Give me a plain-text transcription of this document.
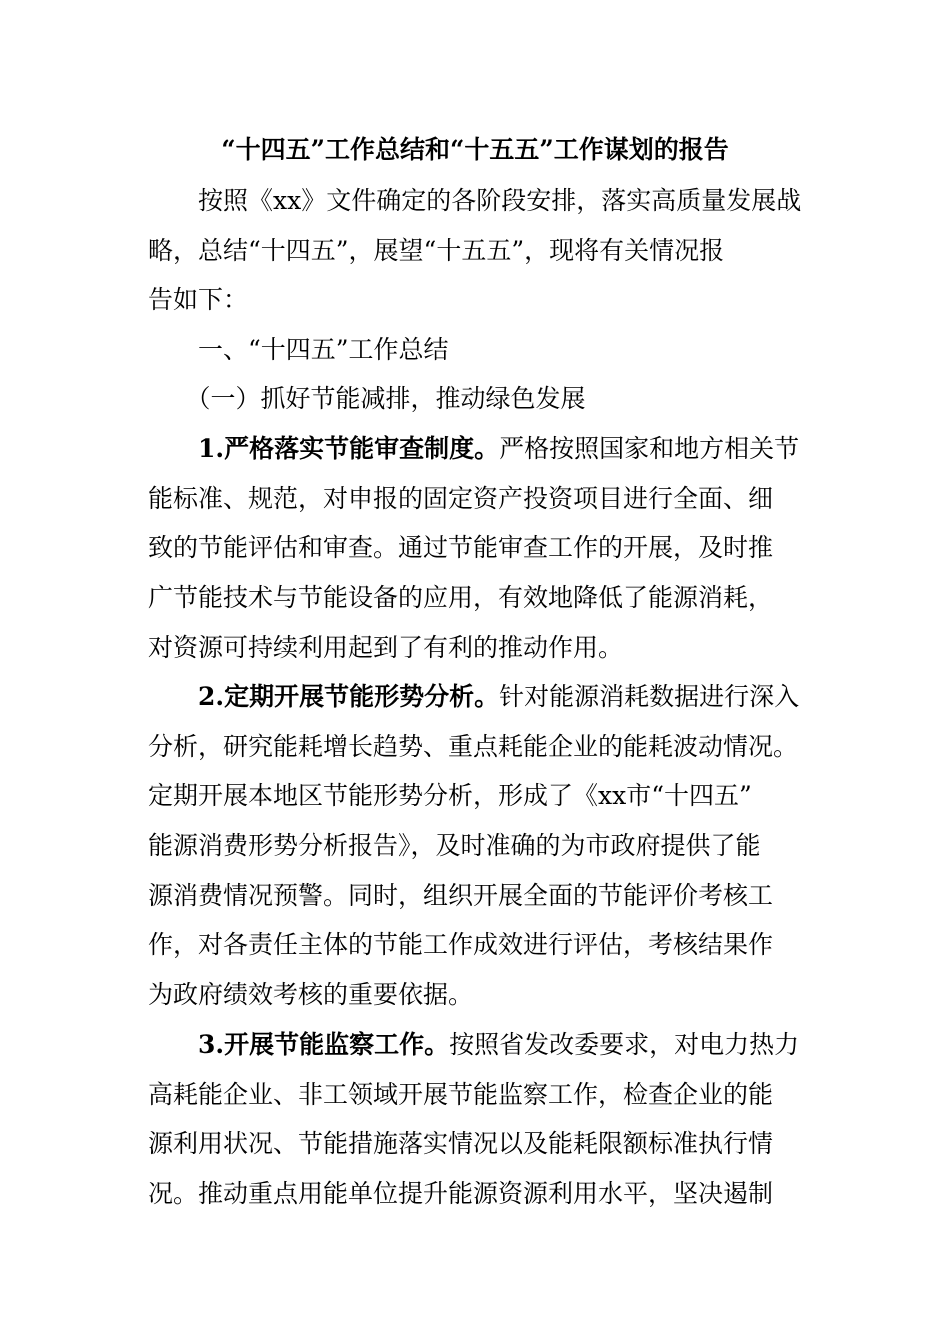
“十四五”工作总结和“十五五”工作谋划的报告
　　按照《xx》文件确定的各阶段安排，落实高质量发展战
略，总结“十四五”，展望“十五五”，现将有关情况报
告如下：
　　一、“十四五”工作总结
　　（一）抓好节能减排，推动绿色发展
　　1.严格落实节能审查制度。严格按照国家和地方相关节
能标准、规范，对申报的固定资产投资项目进行全面、细
致的节能评估和审查。通过节能审查工作的开展，及时推
广节能技术与节能设备的应用，有效地降低了能源消耗，
对资源可持续利用起到了有利的推动作用。
　　2.定期开展节能形势分析。针对能源消耗数据进行深入
分析，研究能耗增长趋势、重点耗能企业的能耗波动情况。
定期开展本地区节能形势分析，形成了《xx市“十四五”
能源消费形势分析报告》，及时准确的为市政府提供了能
源消费情况预警。同时，组织开展全面的节能评价考核工
作，对各责任主体的节能工作成效进行评估，考核结果作
为政府绩效考核的重要依据。
　　3.开展节能监察工作。按照省发改委要求，对电力热力
高耗能企业、非工领域开展节能监察工作，检查企业的能
源利用状况、节能措施落实情况以及能耗限额标准执行情
况。推动重点用能单位提升能源资源利用水平，坚决遏制
